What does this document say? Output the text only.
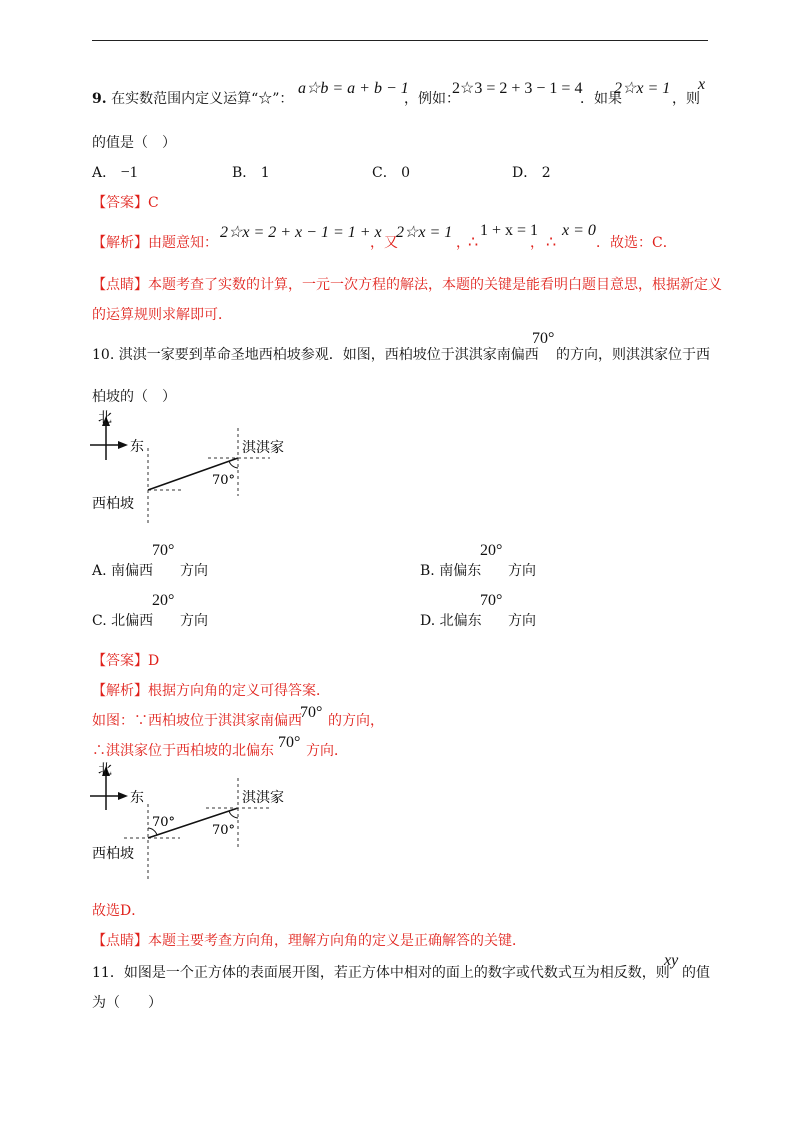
9. 在实数范围内定义运算“☆”：
a☆b = a + b − 1
，例如：
2☆3 = 2 + 3 − 1 = 4
．如果
2☆x = 1
，则
x
的值是（　）
A． −1	B． 1	C． 0	D． 2
【答案】C
【解析】由题意知：
2☆x = 2 + x − 1 = 1 + x
，又
2☆x = 1
，
∴
1 + x = 1
， ∴
x = 0
．故选：C．
【点睛】本题考查了实数的计算，一元一次方程的解法，本题的关键是能看明白题目意思，根据新定义
的运算规则求解即可．
10. 淇淇一家要到革命圣地西柏坡参观．如图，西柏坡位于淇淇家南偏西
70°
的方向，则淇淇家位于西
柏坡的（　）
北
东	淇淇家
70°
西柏坡
A. 南偏西
70°
方向	B. 南偏东
20°
方向
C. 北偏西
20°
方向	D. 北偏东
70°
方向
【答案】D
【解析】根据方向角的定义可得答案．
如图：∵西柏坡位于淇淇家南偏西
70° 的方向，
∴淇淇家位于西柏坡的北偏东 70° 方向．
北
东
70°
70°
淇淇家
西柏坡
故选D．
【点睛】本题主要考查方向角，理解方向角的定义是正确解答的关键．
11．如图是一个正方体的表面展开图，若正方体中相对的面上的数字或代数式互为相反数，则
xy
的值
为（　　）
